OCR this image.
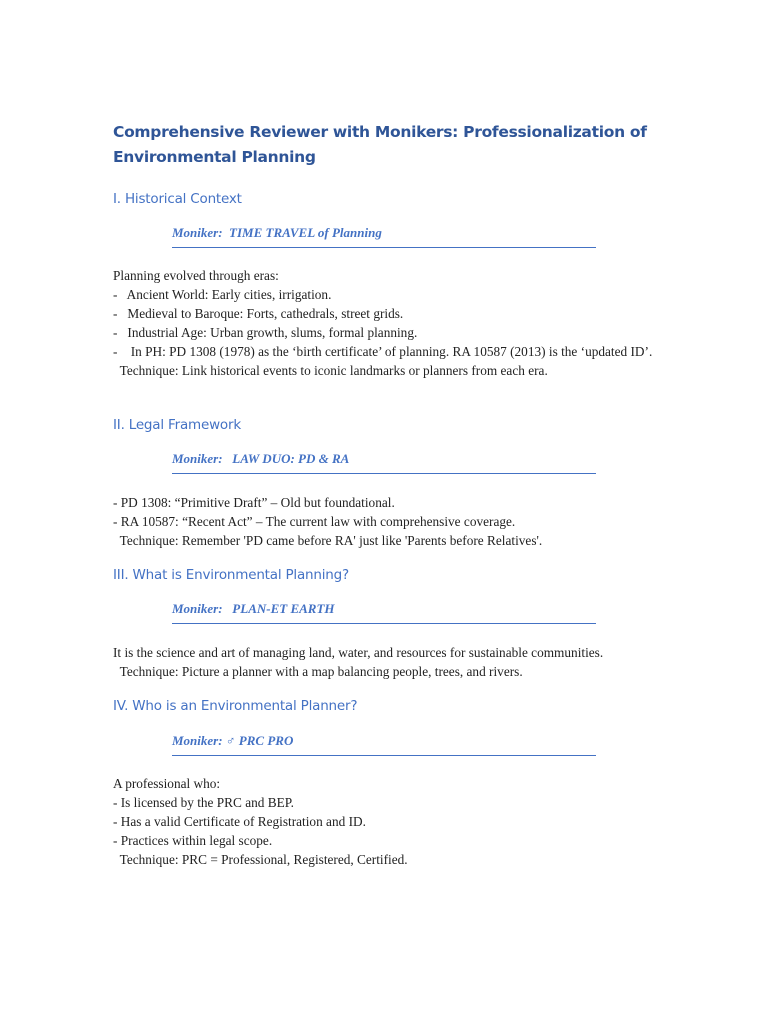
Comprehensive Reviewer with Monikers: Professionalization of Environmental Planning
I. Historical Context
Moniker:  TIME TRAVEL of Planning
Planning evolved through eras:
-   Ancient World: Early cities, irrigation.
-   Medieval to Baroque: Forts, cathedrals, street grids.
-   Industrial Age: Urban growth, slums, formal planning.
-    In PH: PD 1308 (1978) as the ‘birth certificate’ of planning. RA 10587 (2013) is the ‘updated ID’.
Technique: Link historical events to iconic landmarks or planners from each era.
II. Legal Framework
Moniker:   LAW DUO: PD & RA
- PD 1308: “Primitive Draft” – Old but foundational.
- RA 10587: “Recent Act” – The current law with comprehensive coverage.
Technique: Remember 'PD came before RA' just like 'Parents before Relatives'.
III. What is Environmental Planning?
Moniker:   PLAN-ET EARTH
It is the science and art of managing land, water, and resources for sustainable communities.
Technique: Picture a planner with a map balancing people, trees, and rivers.
IV. Who is an Environmental Planner?
Moniker: ♂ PRC PRO
A professional who:
- Is licensed by the PRC and BEP.
- Has a valid Certificate of Registration and ID.
- Practices within legal scope.
Technique: PRC = Professional, Registered, Certified.
